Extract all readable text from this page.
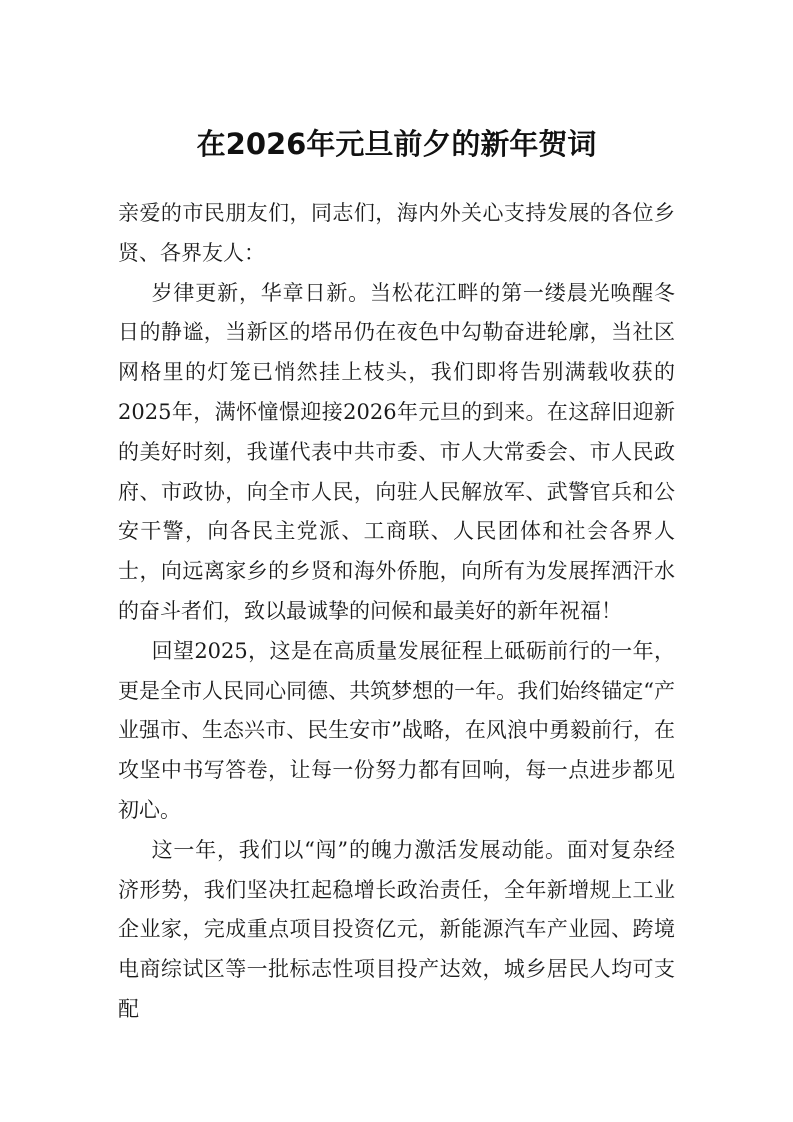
在2026年元旦前夕的新年贺词

亲爱的市民朋友们，同志们，海内外关心支持发展的各位乡贤、各界友人：

岁律更新，华章日新。当松花江畔的第一缕晨光唤醒冬日的静谧，当新区的塔吊仍在夜色中勾勒奋进轮廓，当社区网格里的灯笼已悄然挂上枝头，我们即将告别满载收获的2025年，满怀憧憬迎接2026年元旦的到来。在这辞旧迎新的美好时刻，我谨代表中共市委、市人大常委会、市人民政府、市政协，向全市人民，向驻人民解放军、武警官兵和公安干警，向各民主党派、工商联、人民团体和社会各界人士，向远离家乡的乡贤和海外侨胞，向所有为发展挥洒汗水的奋斗者们，致以最诚挚的问候和最美好的新年祝福！

回望2025，这是在高质量发展征程上砥砺前行的一年，更是全市人民同心同德、共筑梦想的一年。我们始终锚定“产业强市、生态兴市、民生安市”战略，在风浪中勇毅前行，在攻坚中书写答卷，让每一份努力都有回响，每一点进步都见初心。

这一年，我们以“闯”的魄力激活发展动能。面对复杂经济形势，我们坚决扛起稳增长政治责任，全年新增规上工业企业家，完成重点项目投资亿元，新能源汽车产业园、跨境电商综试区等一批标志性项目投产达效，城乡居民人均可支配
